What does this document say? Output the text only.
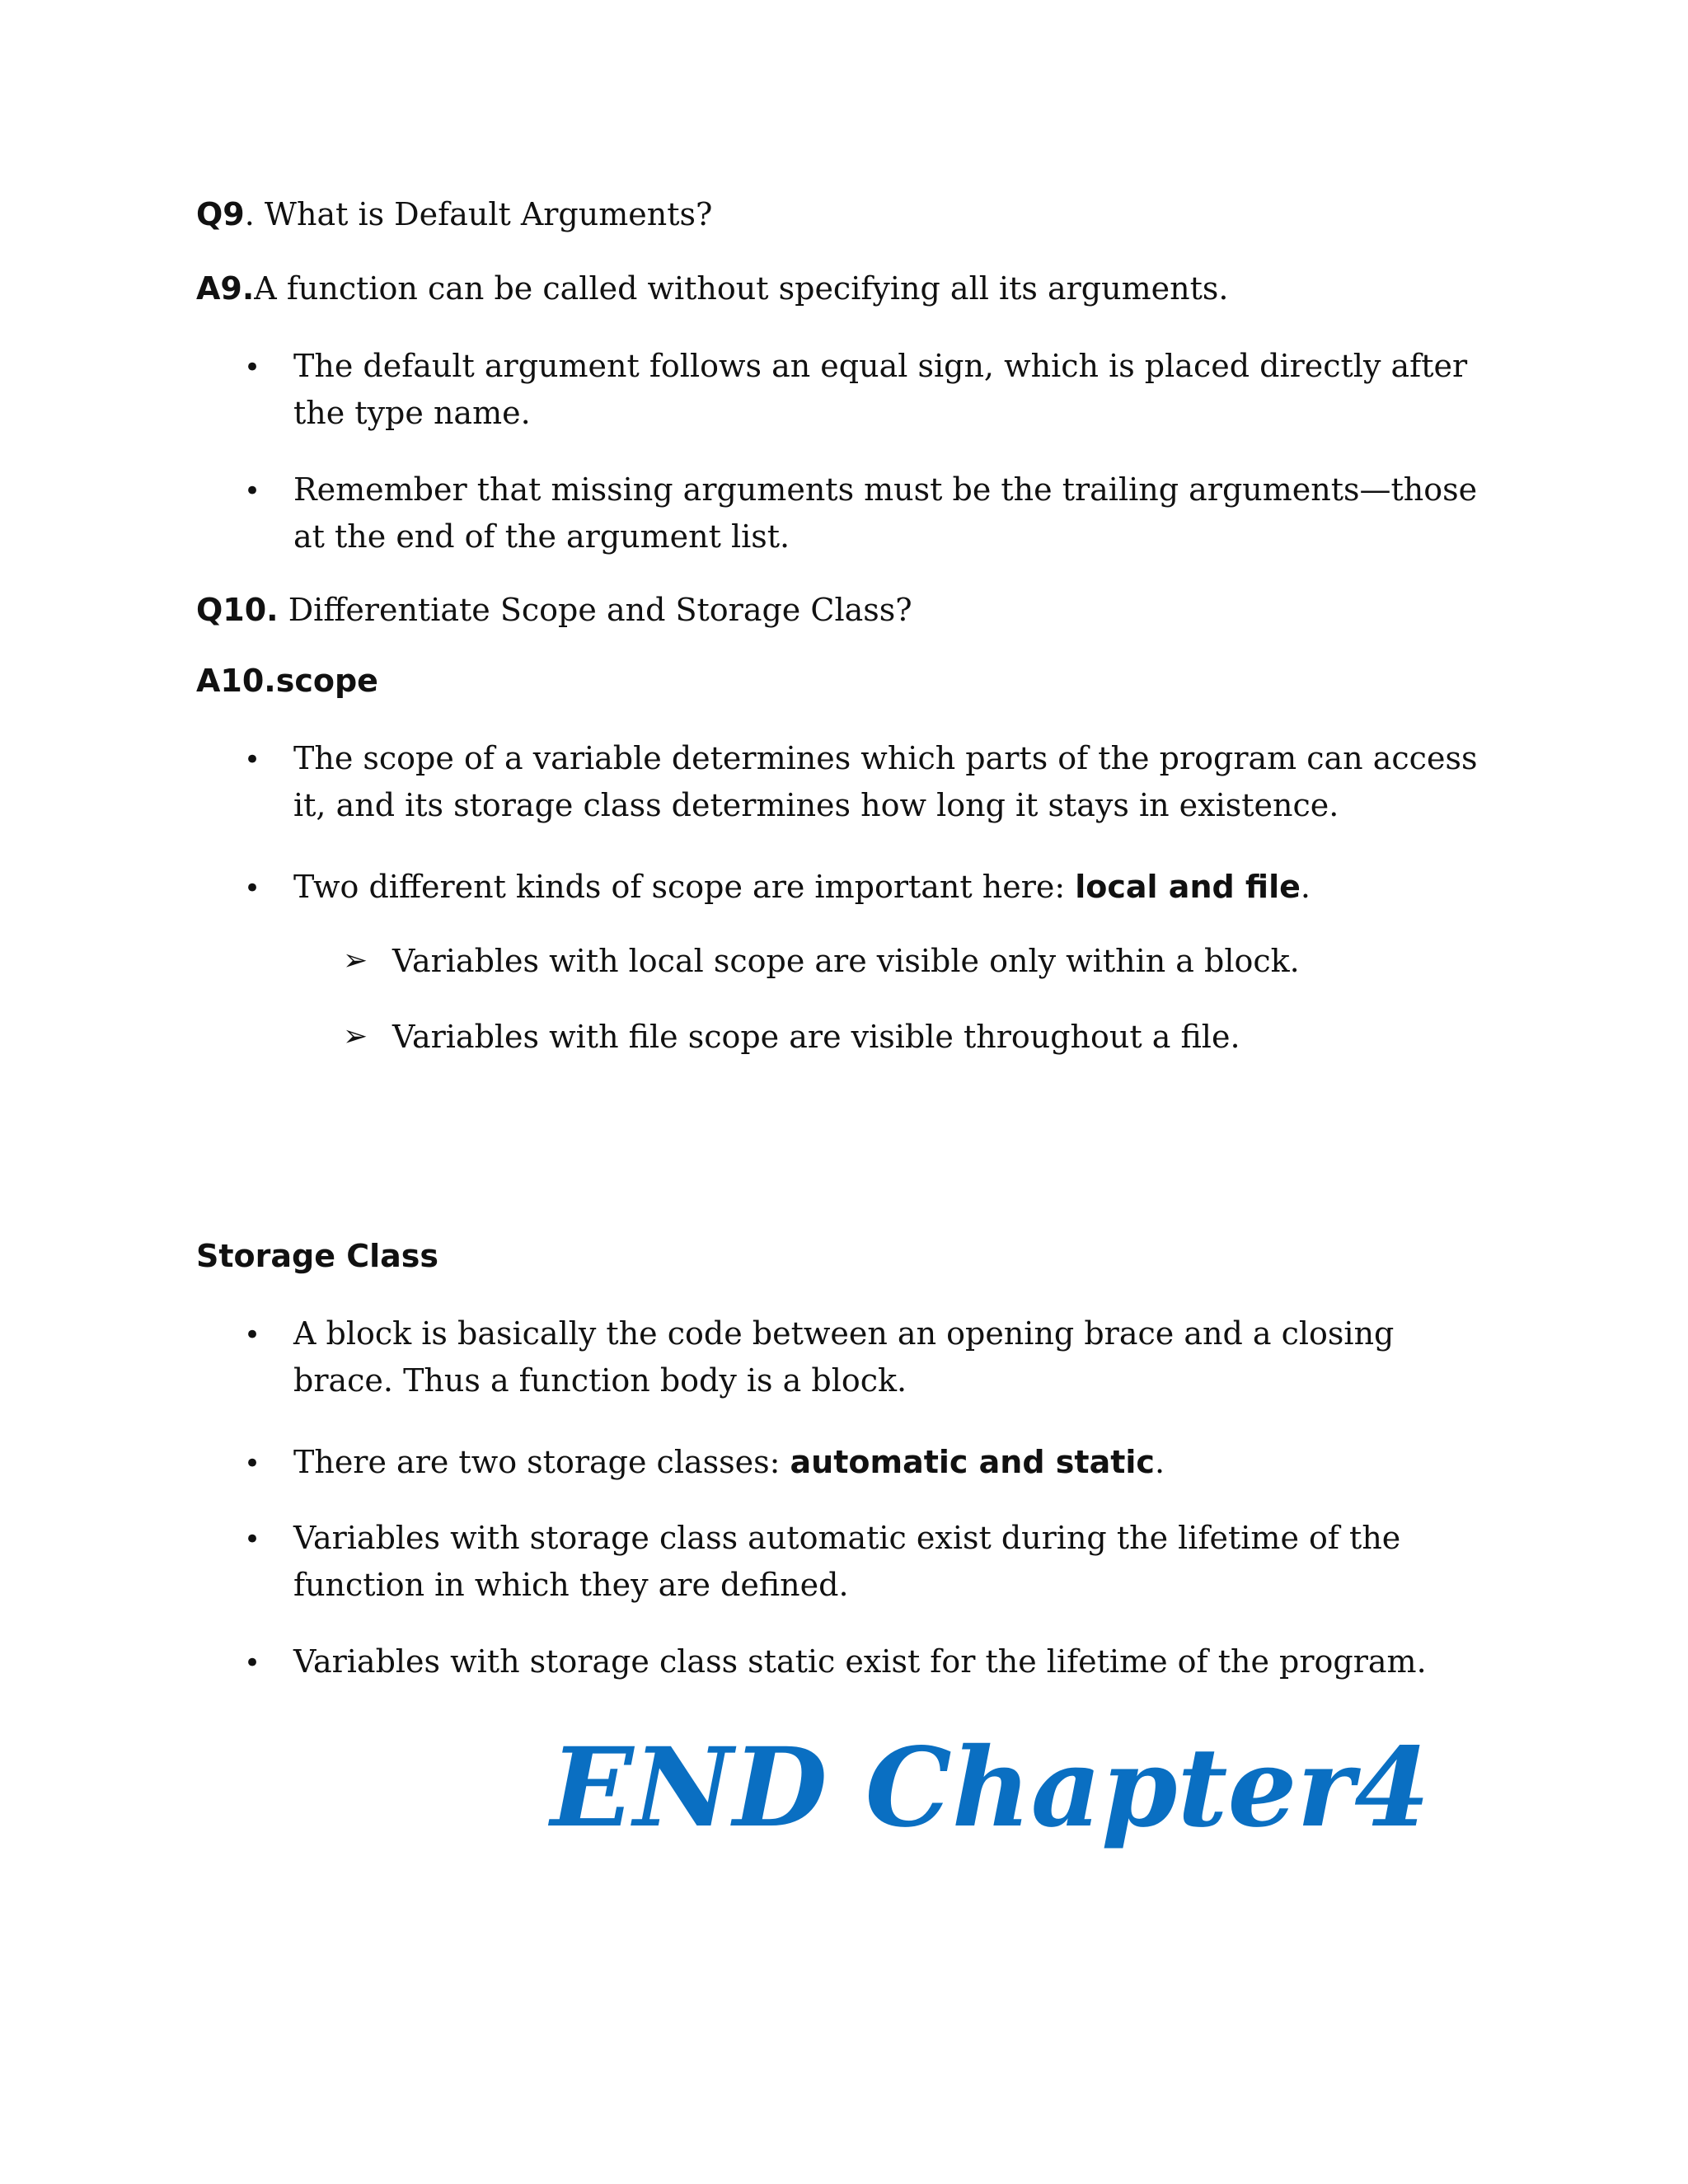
Q9. What is Default Arguments?
A9.A function can be called without specifying all its arguments.
• The default argument follows an equal sign, which is placed directly after the type name.
• Remember that missing arguments must be the trailing arguments—those at the end of the argument list.
Q10. Differentiate Scope and Storage Class?
A10.scope
• The scope of a variable determines which parts of the program can access it, and its storage class determines how long it stays in existence.
• Two different kinds of scope are important here: local and file.
➢ Variables with local scope are visible only within a block.
➢ Variables with file scope are visible throughout a file.
Storage Class
• A block is basically the code between an opening brace and a closing brace. Thus a function body is a block.
• There are two storage classes: automatic and static.
• Variables with storage class automatic exist during the lifetime of the function in which they are defined.
• Variables with storage class static exist for the lifetime of the program.
END Chapter4
